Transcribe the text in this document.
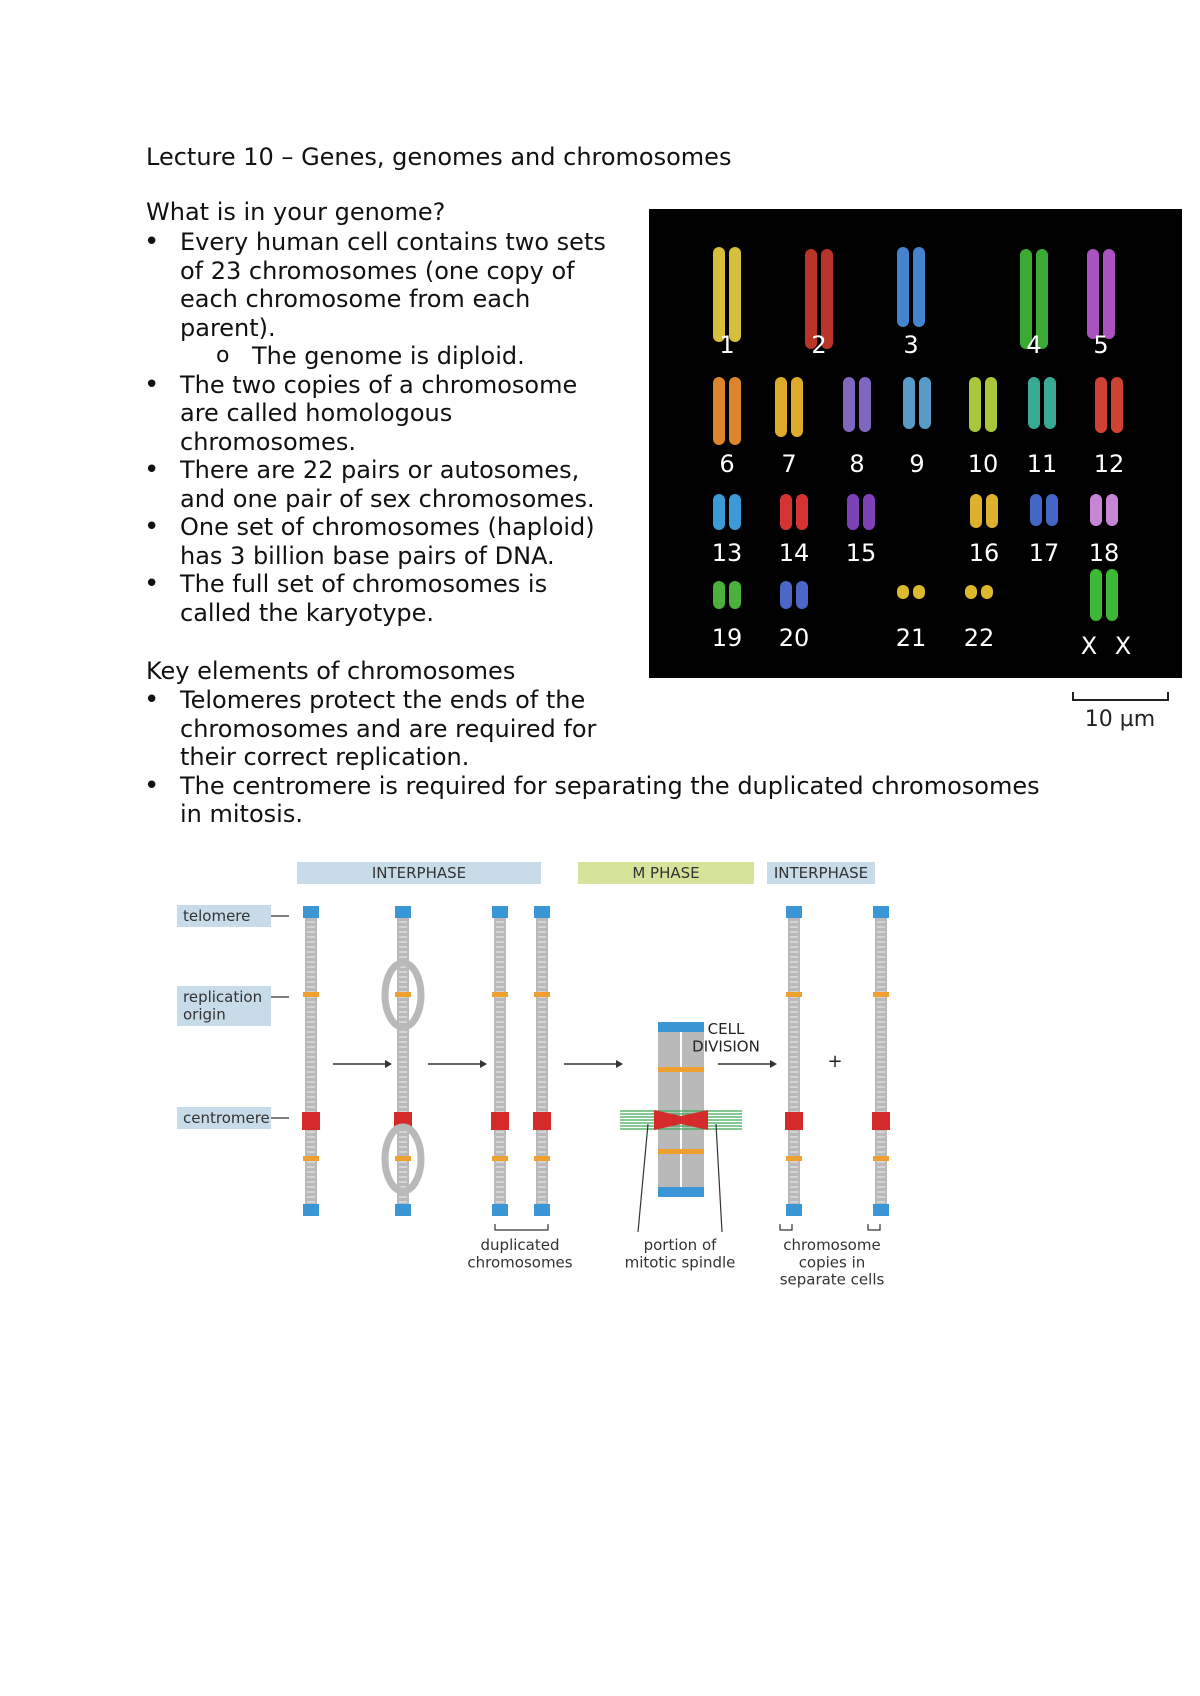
Lecture 10 – Genes, genomes and chromosomes
What is in your genome?
• Every human cell contains two sets
of 23 chromosomes (one copy of
each chromosome from each
parent).
o The genome is diploid.
• The two copies of a chromosome
are called homologous
chromosomes.
• There are 22 pairs or autosomes,
and one pair of sex chromosomes.
• One set of chromosomes (haploid)
has 3 billion base pairs of DNA.
• The full set of chromosomes is
called the karyotype.
Key elements of chromosomes
• Telomeres protect the ends of the
chromosomes and are required for
their correct replication.
• The centromere is required for separating the duplicated chromosomes
in mitosis.
1	2	3	4 5
6 7 8 9 10 11 12
13 14 15	16 17 18
19 20	21 22	X X
10 µm
INTERPHASE	M PHASE	INTERPHASE
telomere
replication
origin
centromere
CELL
DIVISION
+
duplicated
chromosomes
portion of
mitotic spindle
chromosome
copies in
separate cells
